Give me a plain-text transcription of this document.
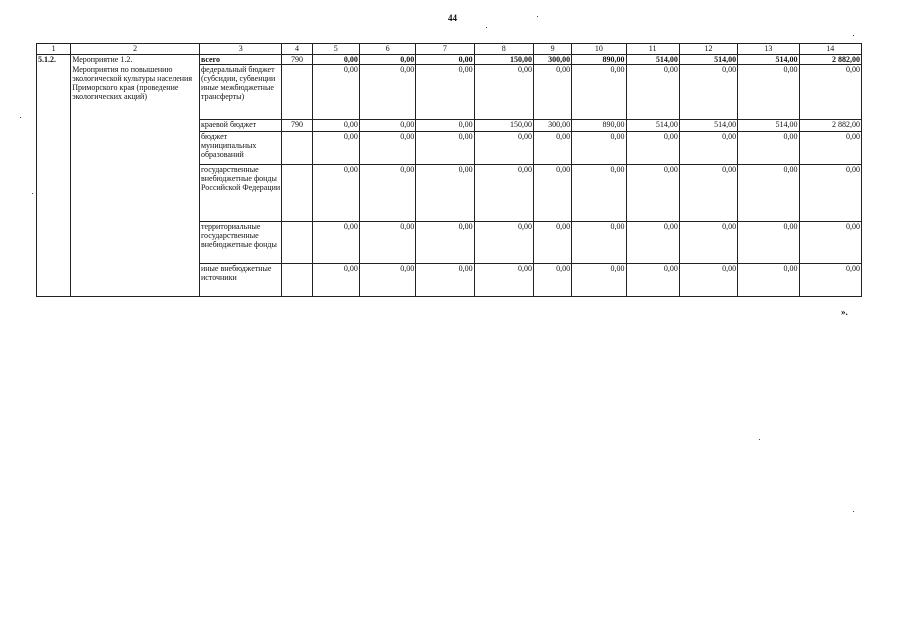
44
1	2	3	4	5	6	7	8	9	10	11	12	13	14
5.1.2.	Мероприятие 1.2.	всего	790	0,00	0,00	0,00	150,00	300,00	890,00	514,00	514,00	514,00	2 882,00
	Мероприятия по повышению экологической культуры населения Приморского края (проведение экологических акций)	федеральный бюджет (субсидии, субвенции иные межбюджетные трансферты)		0,00	0,00	0,00	0,00	0,00	0,00	0,00	0,00	0,00	0,00
		краевой бюджет	790	0,00	0,00	0,00	150,00	300,00	890,00	514,00	514,00	514,00	2 882,00
		бюджет муниципальных образований		0,00	0,00	0,00	0,00	0,00	0,00	0,00	0,00	0,00	0,00
		государственные внебюджетные фонды Российской Федерации		0,00	0,00	0,00	0,00	0,00	0,00	0,00	0,00	0,00	0,00
		территориальные государственные внебюджетные фонды		0,00	0,00	0,00	0,00	0,00	0,00	0,00	0,00	0,00	0,00
		иные внебюджетные источники		0,00	0,00	0,00	0,00	0,00	0,00	0,00	0,00	0,00	0,00
».
